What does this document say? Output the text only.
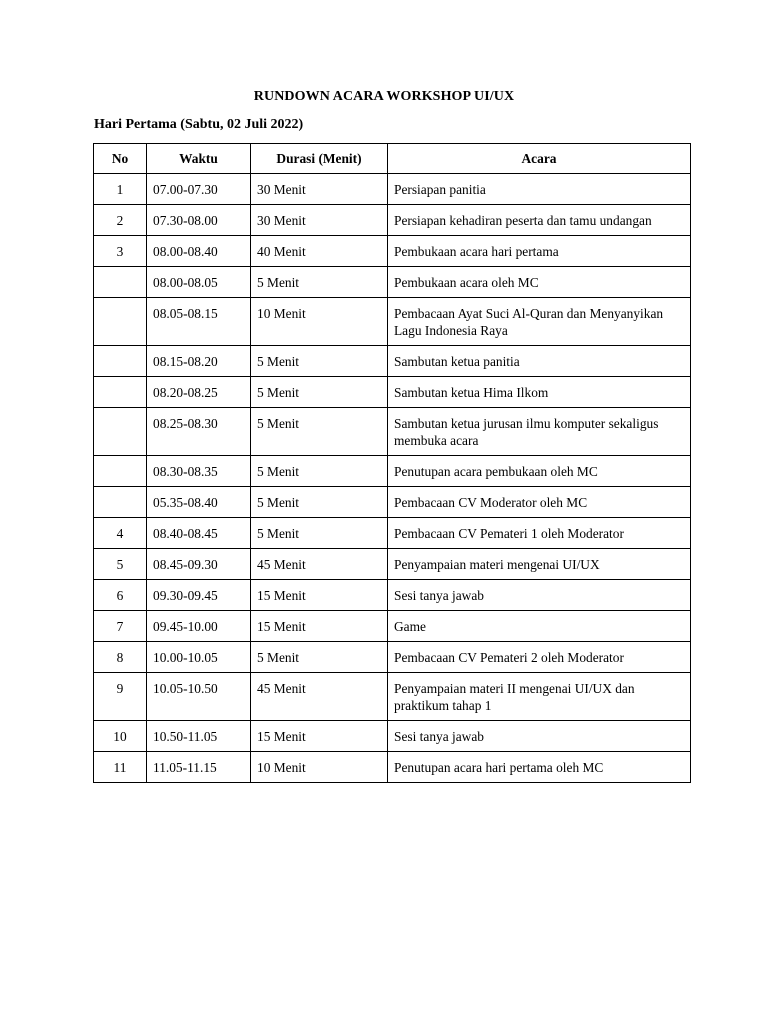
RUNDOWN ACARA WORKSHOP UI/UX
Hari Pertama (Sabtu, 02 Juli 2022)
No	Waktu	Durasi (Menit)	Acara
1	07.00-07.30	30 Menit	Persiapan panitia
2	07.30-08.00	30 Menit	Persiapan kehadiran peserta dan tamu undangan
3	08.00-08.40	40 Menit	Pembukaan acara hari pertama
	08.00-08.05	5 Menit	Pembukaan acara oleh MC
	08.05-08.15	10 Menit	Pembacaan Ayat Suci Al-Quran dan Menyanyikan Lagu Indonesia Raya
	08.15-08.20	5 Menit	Sambutan ketua panitia
	08.20-08.25	5 Menit	Sambutan ketua Hima Ilkom
	08.25-08.30	5 Menit	Sambutan ketua jurusan ilmu komputer sekaligus membuka acara
	08.30-08.35	5 Menit	Penutupan acara pembukaan oleh MC
	05.35-08.40	5 Menit	Pembacaan CV Moderator oleh MC
4	08.40-08.45	5 Menit	Pembacaan CV Pemateri 1 oleh Moderator
5	08.45-09.30	45 Menit	Penyampaian materi mengenai UI/UX
6	09.30-09.45	15 Menit	Sesi tanya jawab
7	09.45-10.00	15 Menit	Game
8	10.00-10.05	5 Menit	Pembacaan CV Pemateri 2 oleh Moderator
9	10.05-10.50	45 Menit	Penyampaian materi II mengenai UI/UX dan praktikum tahap 1
10	10.50-11.05	15 Menit	Sesi tanya jawab
11	11.05-11.15	10 Menit	Penutupan acara hari pertama oleh MC
